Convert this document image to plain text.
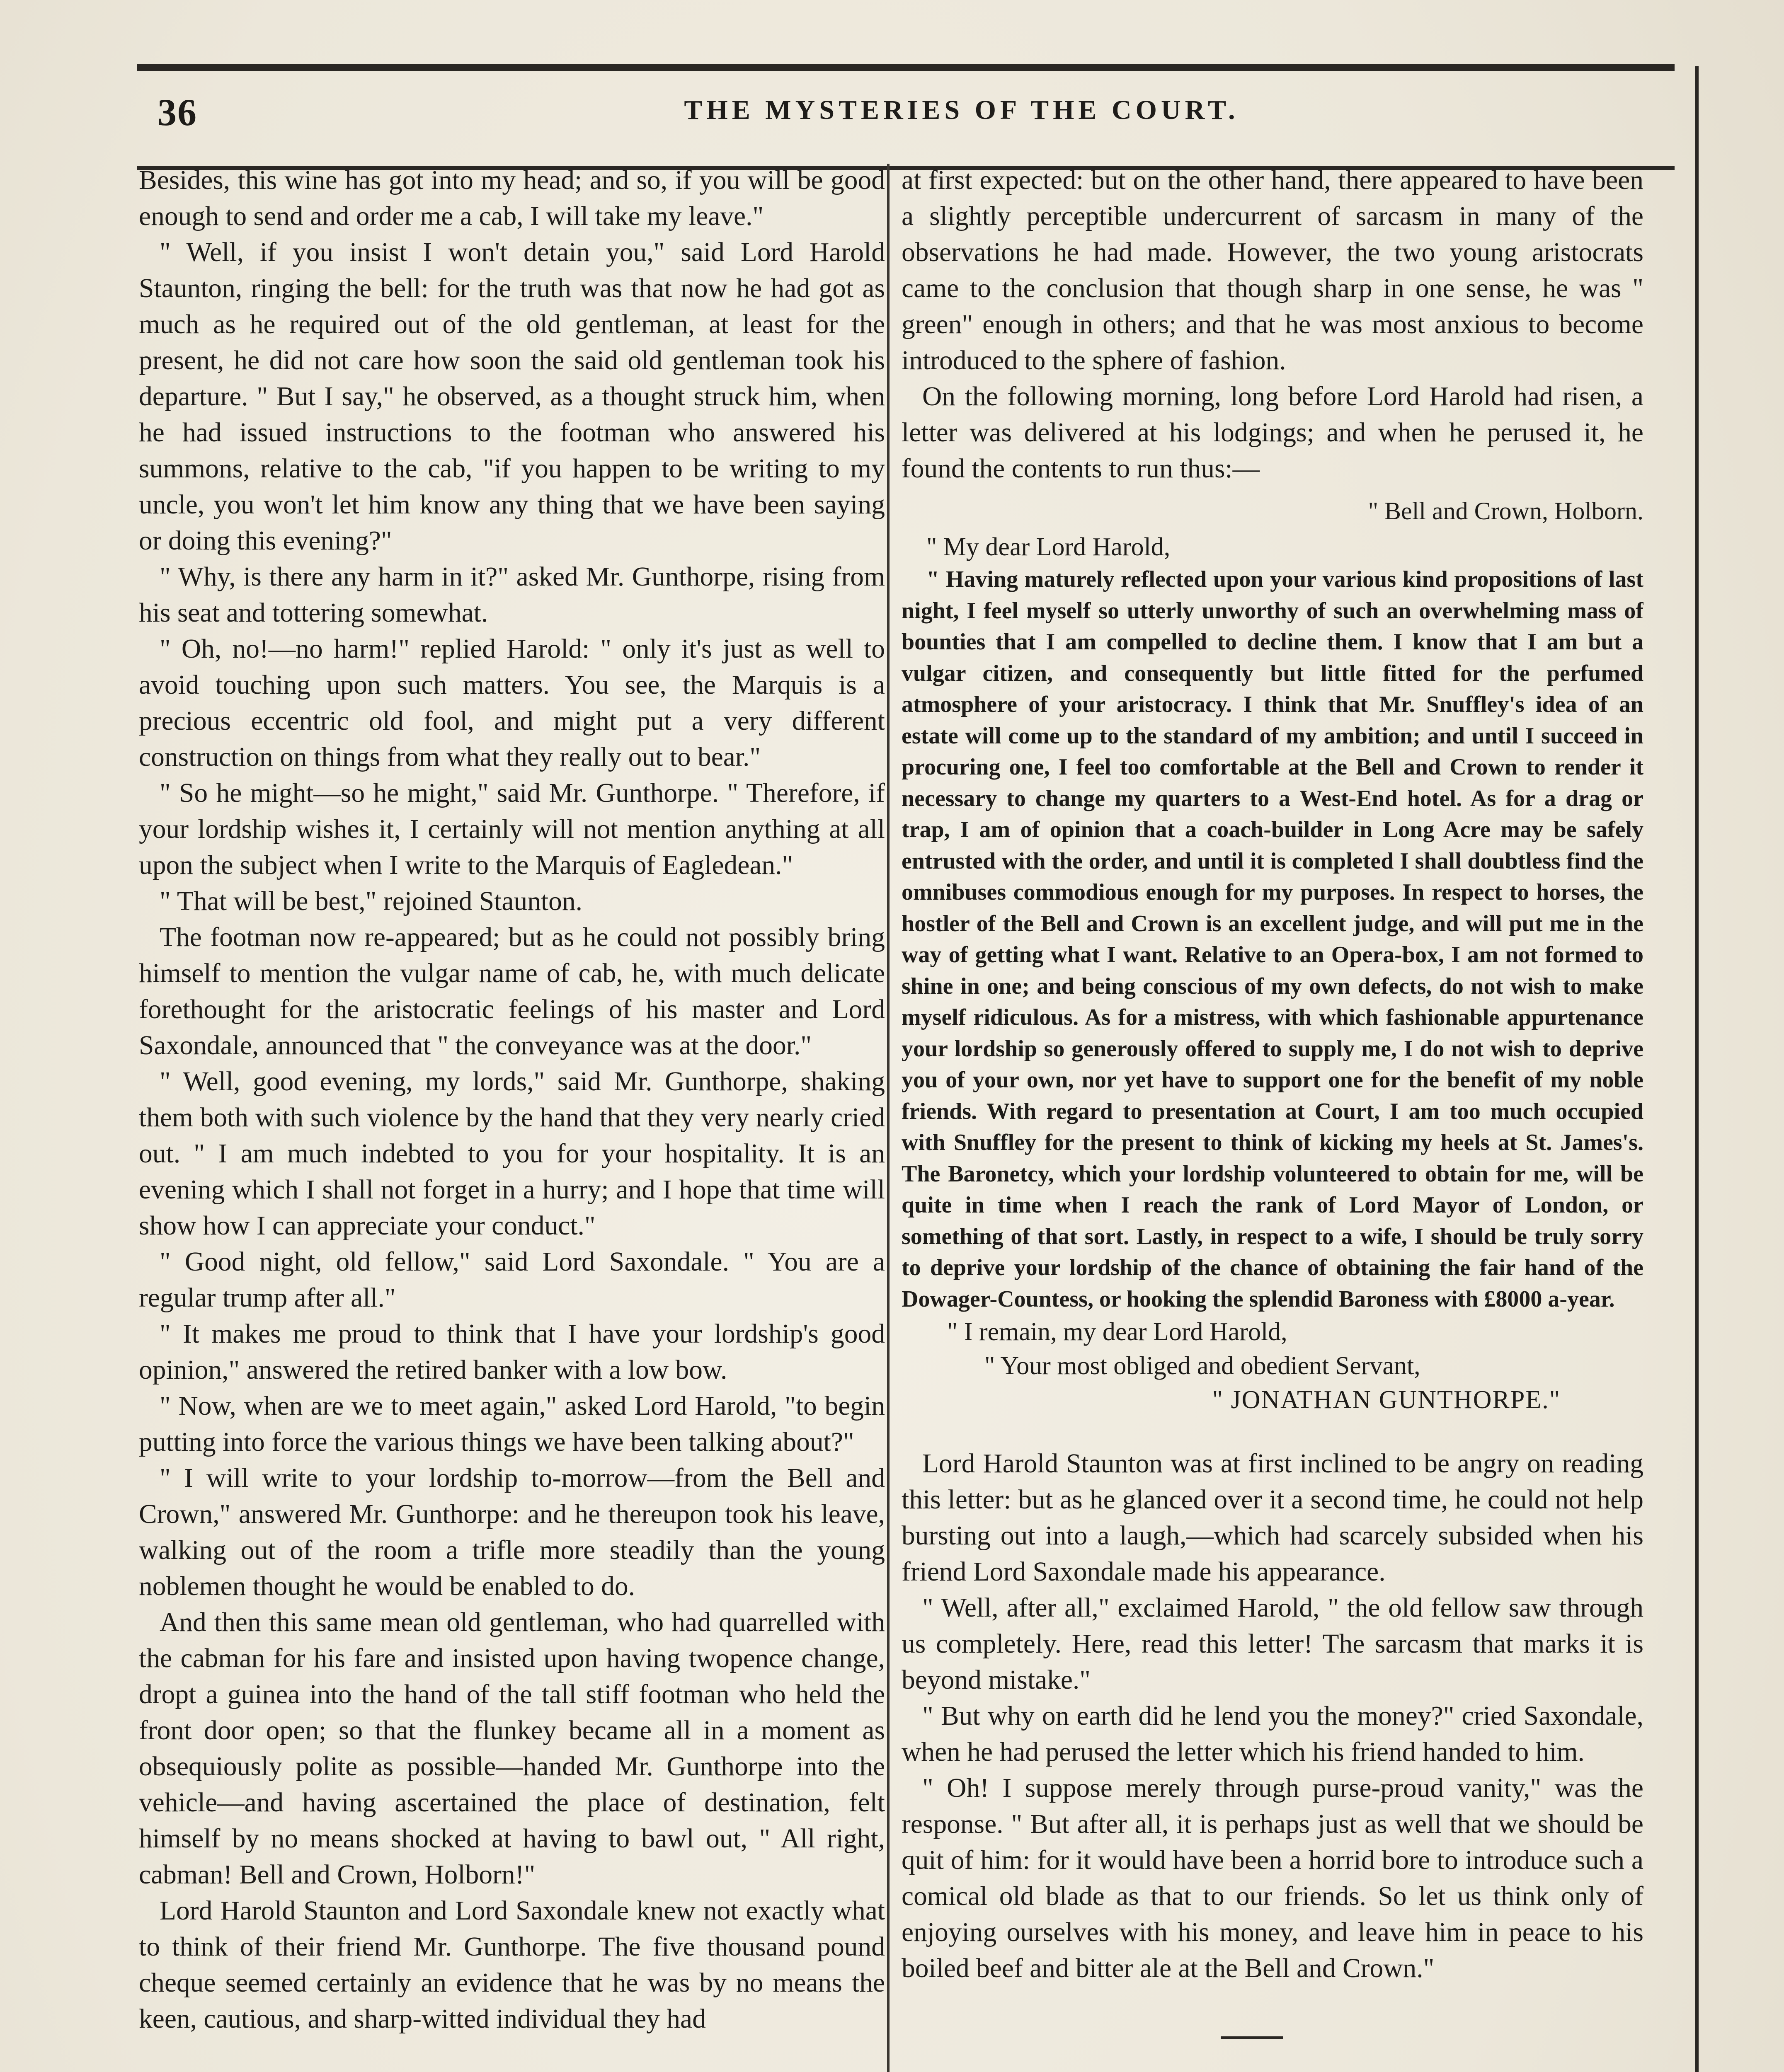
36	THE MYSTERIES OF THE COURT.

Besides, this wine has got into my head; and so, if you will be good enough to send and order me a cab, I will take my leave."

" Well, if you insist I won't detain you," said Lord Harold Staunton, ringing the bell: for the truth was that now he had got as much as he required out of the old gentleman, at least for the present, he did not care how soon the said old gentleman took his departure. " But I say," he observed, as a thought struck him, when he had issued instructions to the footman who answered his summons, relative to the cab, "if you happen to be writing to my uncle, you won't let him know any thing that we have been saying or doing this evening?"

" Why, is there any harm in it?" asked Mr. Gunthorpe, rising from his seat and tottering somewhat.

" Oh, no!—no harm!" replied Harold: " only it's just as well to avoid touching upon such matters. You see, the Marquis is a precious eccentric old fool, and might put a very different construction on things from what they really out to bear."

" So he might—so he might," said Mr. Gunthorpe. " Therefore, if your lordship wishes it, I certainly will not mention anything at all upon the subject when I write to the Marquis of Eagledean."

" That will be best," rejoined Staunton.

The footman now re-appeared; but as he could not possibly bring himself to mention the vulgar name of cab, he, with much delicate forethought for the aristocratic feelings of his master and Lord Saxondale, announced that " the conveyance was at the door."

" Well, good evening, my lords," said Mr. Gunthorpe, shaking them both with such violence by the hand that they very nearly cried out. " I am much indebted to you for your hospitality. It is an evening which I shall not forget in a hurry; and I hope that time will show how I can appreciate your conduct."

" Good night, old fellow," said Lord Saxondale. " You are a regular trump after all."

" It makes me proud to think that I have your lordship's good opinion," answered the retired banker with a low bow.

" Now, when are we to meet again," asked Lord Harold, "to begin putting into force the various things we have been talking about?"

" I will write to your lordship to-morrow—from the Bell and Crown," answered Mr. Gunthorpe: and he thereupon took his leave, walking out of the room a trifle more steadily than the young noblemen thought he would be enabled to do.

And then this same mean old gentleman, who had quarrelled with the cabman for his fare and insisted upon having twopence change, dropt a guinea into the hand of the tall stiff footman who held the front door open; so that the flunkey became all in a moment as obsequiously polite as possible—handed Mr. Gunthorpe into the vehicle—and having ascertained the place of destination, felt himself by no means shocked at having to bawl out, " All right, cabman! Bell and Crown, Holborn!"

Lord Harold Staunton and Lord Saxondale knew not exactly what to think of their friend Mr. Gunthorpe. The five thousand pound cheque seemed certainly an evidence that he was by no means the keen, cautious, and sharp-witted individual they had

at first expected: but on the other hand, there appeared to have been a slightly perceptible undercurrent of sarcasm in many of the observations he had made. However, the two young aristocrats came to the conclusion that though sharp in one sense, he was " green" enough in others; and that he was most anxious to become introduced to the sphere of fashion.

On the following morning, long before Lord Harold had risen, a letter was delivered at his lodgings; and when he perused it, he found the contents to run thus:—

" Bell and Crown, Holborn.

" My dear Lord Harold,

" Having maturely reflected upon your various kind propositions of last night, I feel myself so utterly unworthy of such an overwhelming mass of bounties that I am compelled to decline them. I know that I am but a vulgar citizen, and consequently but little fitted for the perfumed atmosphere of your aristocracy. I think that Mr. Snuffley's idea of an estate will come up to the standard of my ambition; and until I succeed in procuring one, I feel too comfortable at the Bell and Crown to render it necessary to change my quarters to a West-End hotel. As for a drag or trap, I am of opinion that a coach-builder in Long Acre may be safely entrusted with the order, and until it is completed I shall doubtless find the omnibuses commodious enough for my purposes. In respect to horses, the hostler of the Bell and Crown is an excellent judge, and will put me in the way of getting what I want. Relative to an Opera-box, I am not formed to shine in one; and being conscious of my own defects, do not wish to make myself ridiculous. As for a mistress, with which fashionable appurtenance your lordship so generously offered to supply me, I do not wish to deprive you of your own, nor yet have to support one for the benefit of my noble friends. With regard to presentation at Court, I am too much occupied with Snuffley for the present to think of kicking my heels at St. James's. The Baronetcy, which your lordship volunteered to obtain for me, will be quite in time when I reach the rank of Lord Mayor of London, or something of that sort. Lastly, in respect to a wife, I should be truly sorry to deprive your lordship of the chance of obtaining the fair hand of the Dowager-Countess, or hooking the splendid Baroness with £8000 a-year.

" I remain, my dear Lord Harold,

" Your most obliged and obedient Servant,

" JONATHAN GUNTHORPE."

Lord Harold Staunton was at first inclined to be angry on reading this letter: but as he glanced over it a second time, he could not help bursting out into a laugh,—which had scarcely subsided when his friend Lord Saxondale made his appearance.

" Well, after all," exclaimed Harold, " the old fellow saw through us completely. Here, read this letter! The sarcasm that marks it is beyond mistake."

" But why on earth did he lend you the money?" cried Saxondale, when he had perused the letter which his friend handed to him.

" Oh! I suppose merely through purse-proud vanity," was the response. " But after all, it is perhaps just as well that we should be quit of him: for it would have been a horrid bore to introduce such a comical old blade as that to our friends. So let us think only of enjoying ourselves with his money, and leave him in peace to his boiled beef and bitter ale at the Bell and Crown."
